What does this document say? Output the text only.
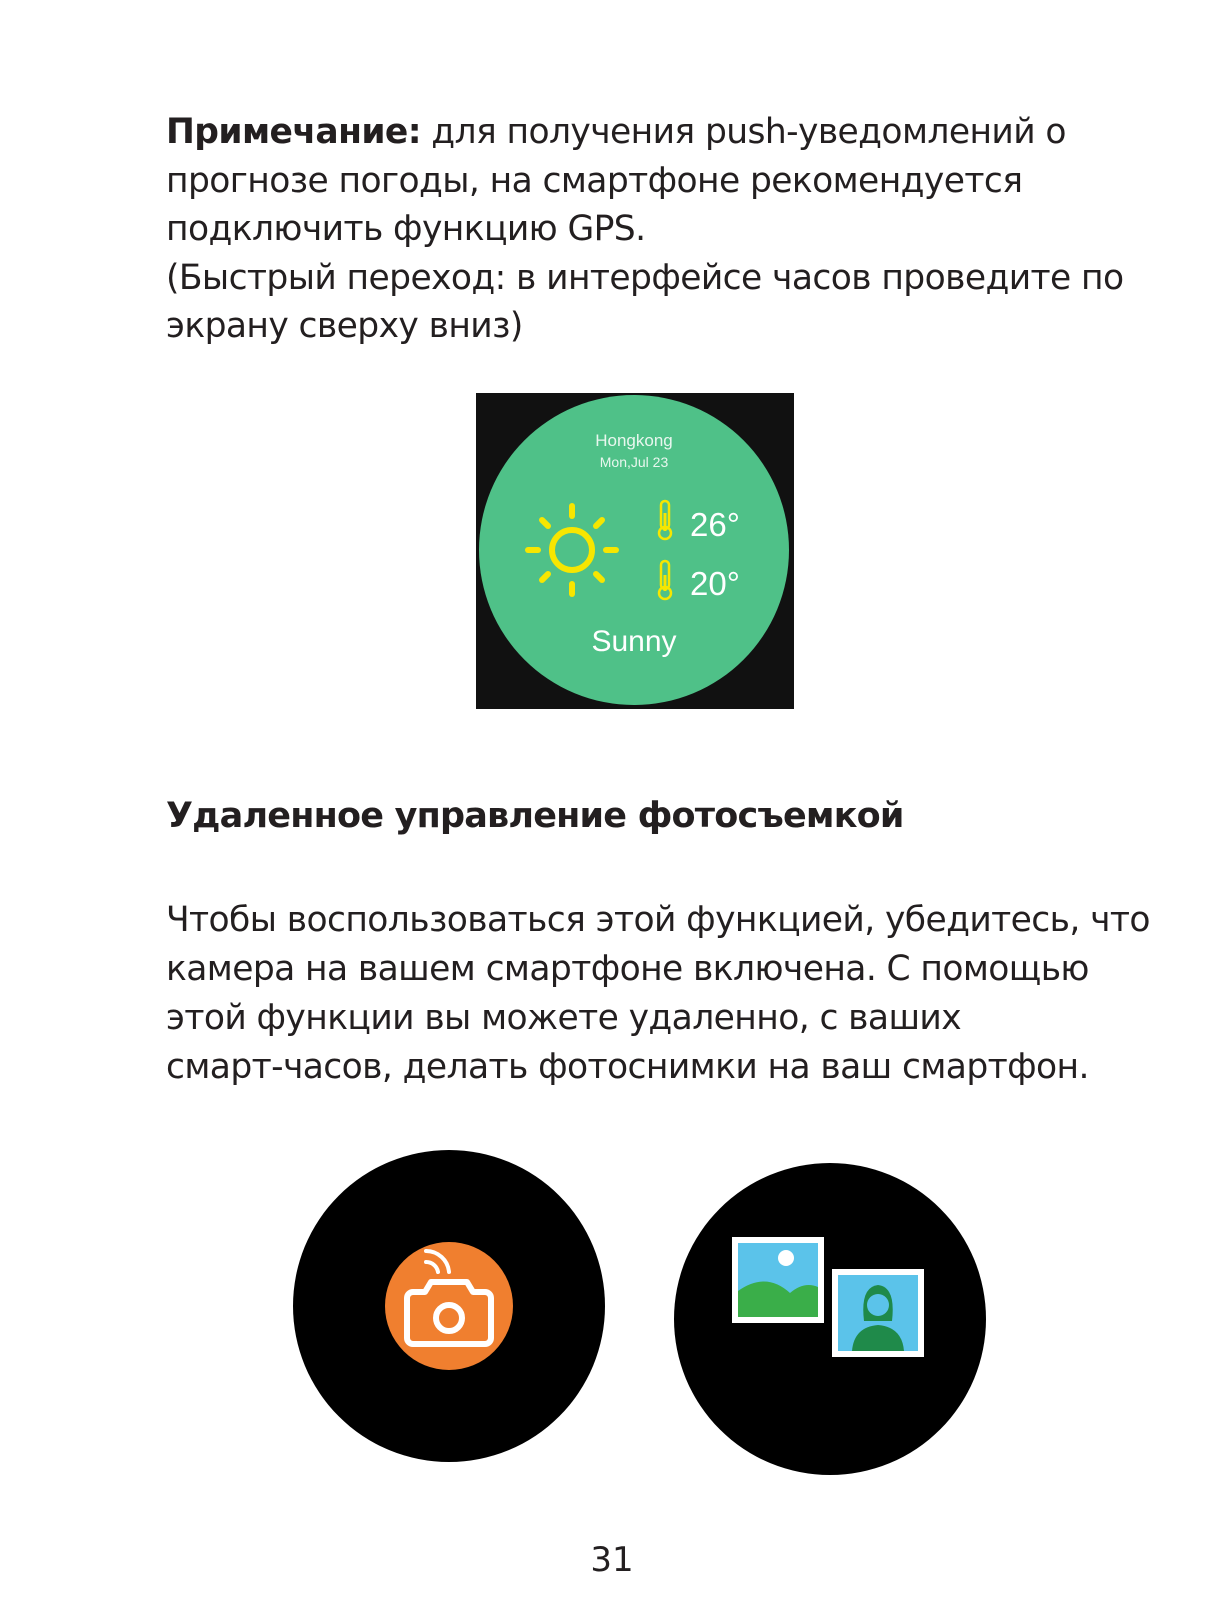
Примечание: для получения push-уведомлений о
прогнозе погоды, на смартфоне рекомендуется
подключить функцию GPS.
(Быстрый переход: в интерфейсе часов проведите по
экрану сверху вниз)
Hongkong
Mon,Jul 23
26°
20°
Sunny
Удаленное управление фотосъемкой
Чтобы воспользоваться этой функцией, убедитесь, что
камера на вашем смартфоне включена. С помощью
этой функции вы можете удаленно, с ваших
смарт-часов, делать фотоснимки на ваш смартфон.
31
